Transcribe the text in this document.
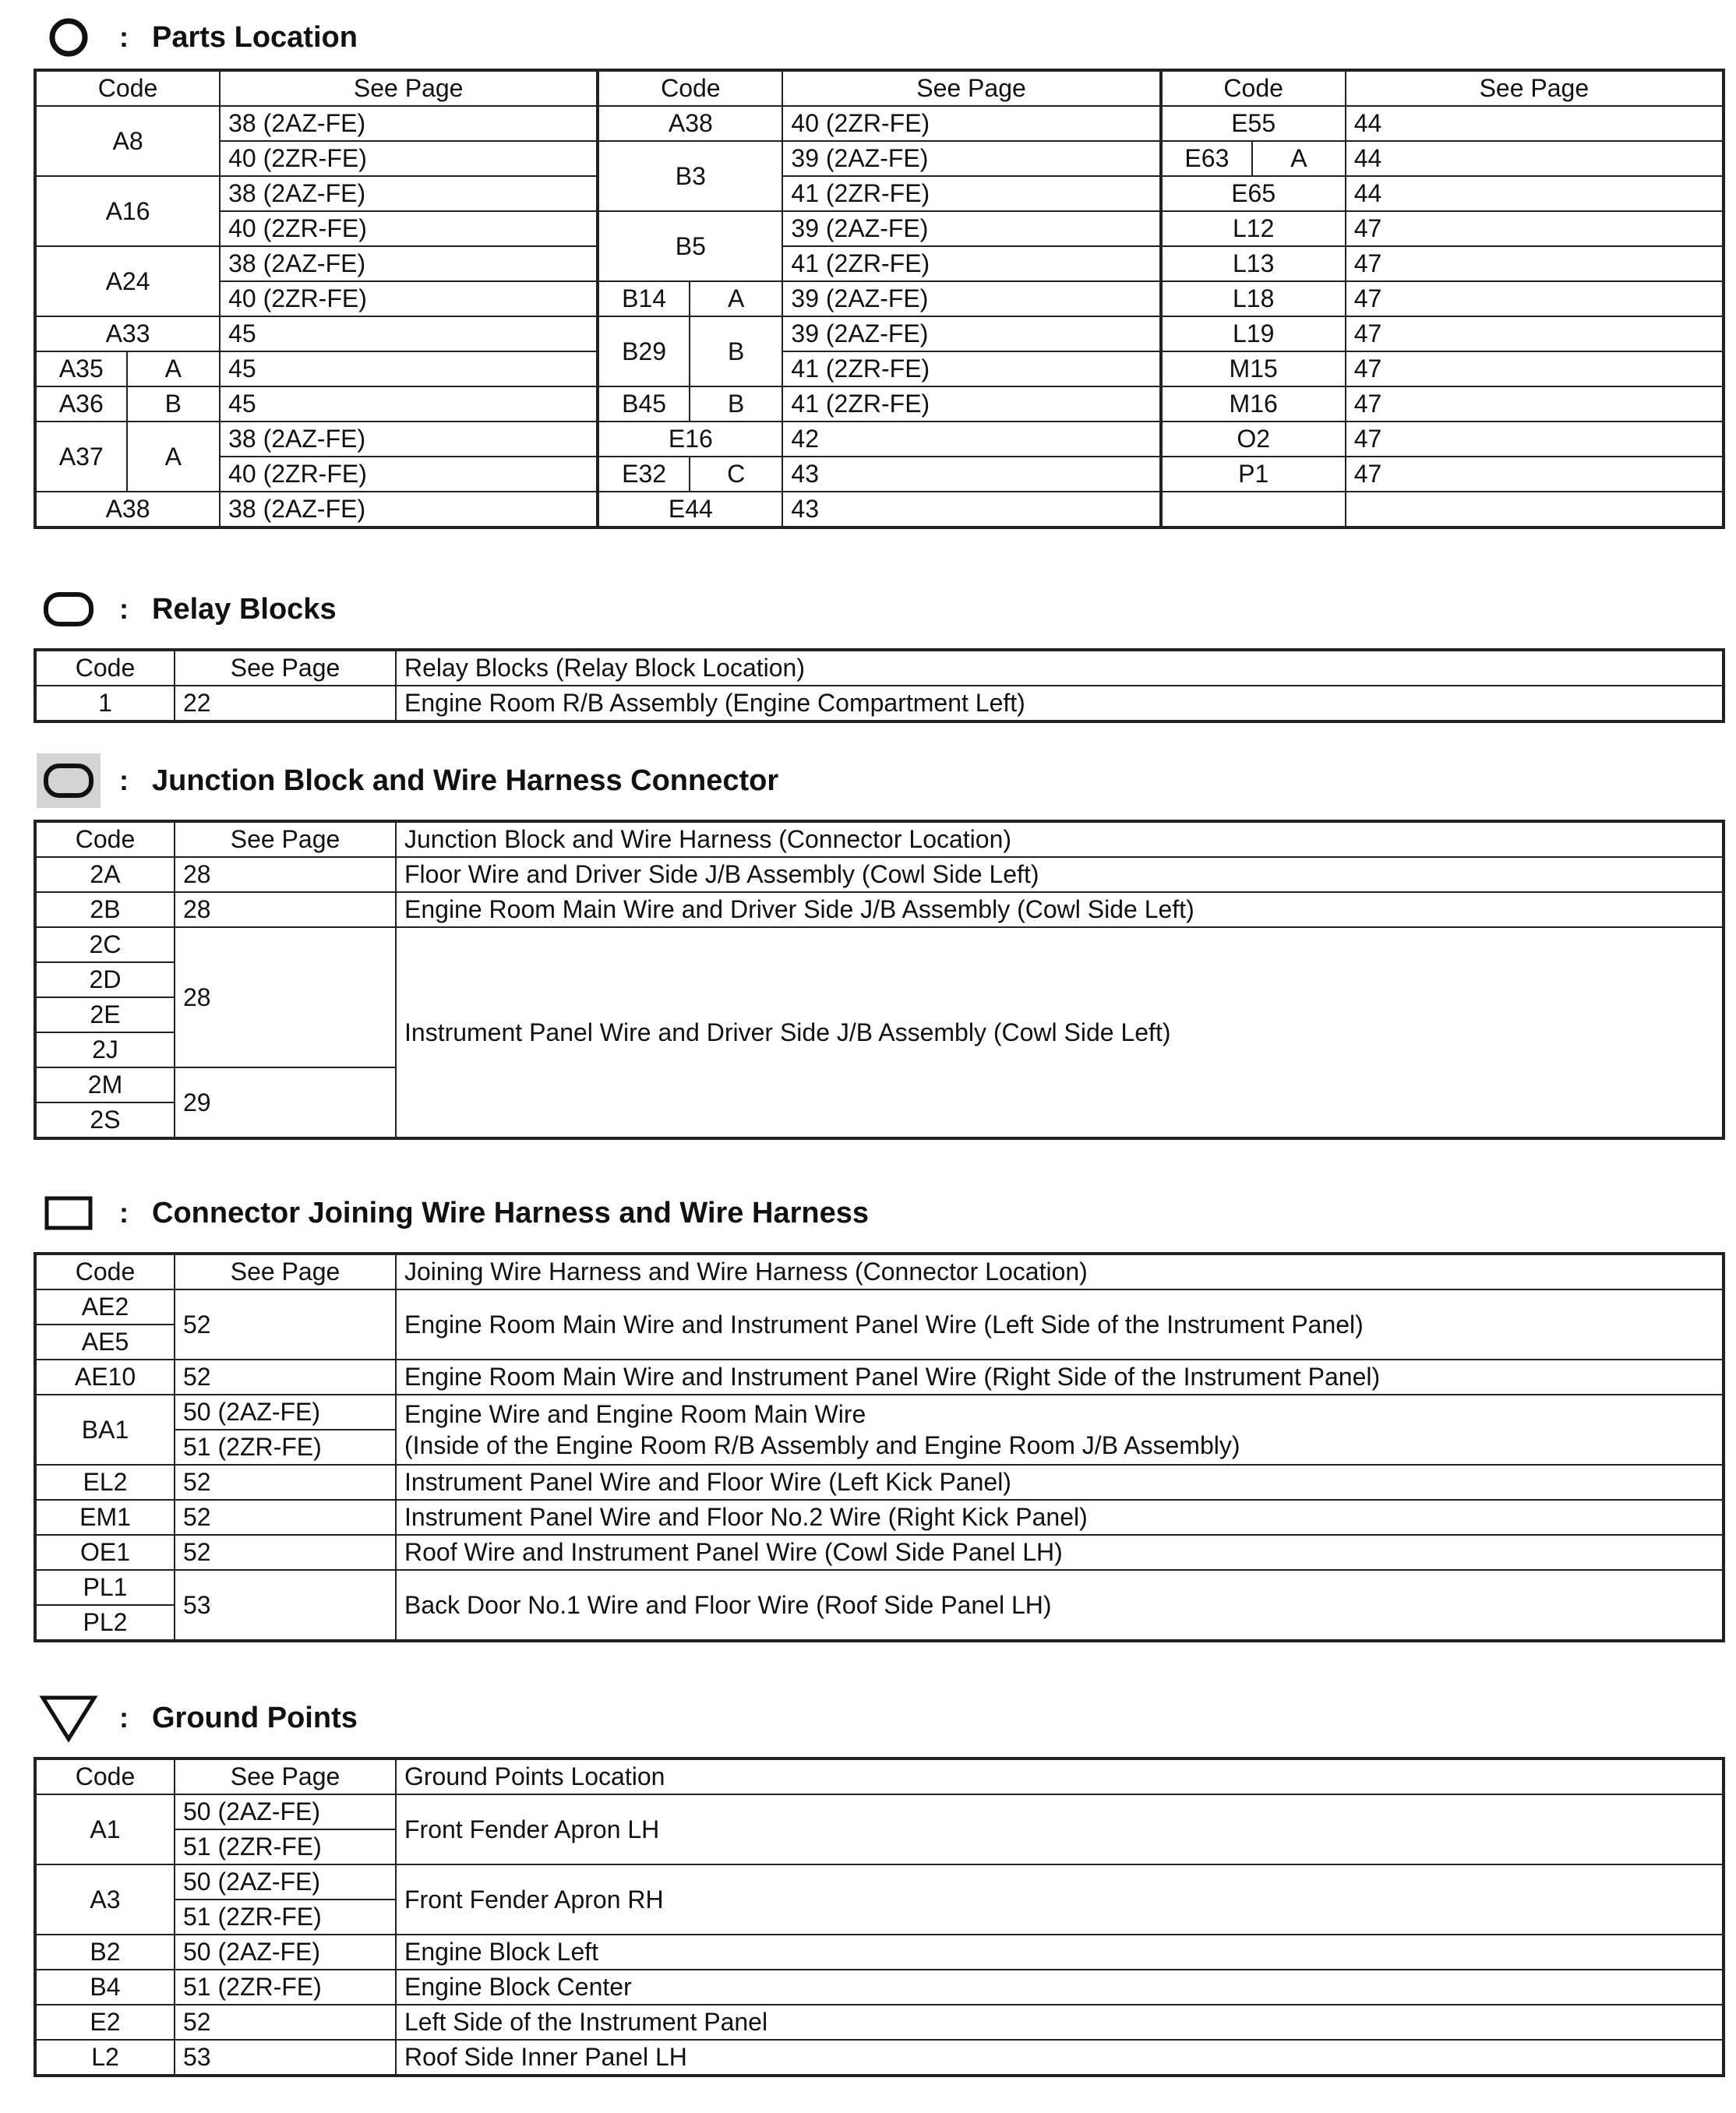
: Parts Location
Code		See Page	Code		See Page	Code		See Page
A8		38 (2AZ-FE)	A38		40 (2ZR-FE)	E55		44
		40 (2ZR-FE)	B3		39 (2AZ-FE)	E63	A	44
A16		38 (2AZ-FE)			41 (2ZR-FE)	E65		44
		40 (2ZR-FE)	B5		39 (2AZ-FE)	L12		47
A24		38 (2AZ-FE)			41 (2ZR-FE)	L13		47
		40 (2ZR-FE)	B14	A	39 (2AZ-FE)	L18		47
A33		45	B29	B	39 (2AZ-FE)	L19		47
A35	A	45			41 (2ZR-FE)	M15		47
A36	B	45	B45	B	41 (2ZR-FE)	M16		47
A37	A	38 (2AZ-FE)	E16		42	O2		47
		40 (2ZR-FE)	E32	C	43	P1		47
A38		38 (2AZ-FE)	E44		43			
: Relay Blocks
Code	See Page	Relay Blocks (Relay Block Location)
1	22	Engine Room R/B Assembly (Engine Compartment Left)
: Junction Block and Wire Harness Connector
Code	See Page	Junction Block and Wire Harness (Connector Location)
2A	28	Floor Wire and Driver Side J/B Assembly (Cowl Side Left)
2B	28	Engine Room Main Wire and Driver Side J/B Assembly (Cowl Side Left)
2C	28	Instrument Panel Wire and Driver Side J/B Assembly (Cowl Side Left)
2D		
2E		
2J		
2M	29	
2S		
: Connector Joining Wire Harness and Wire Harness
Code	See Page	Joining Wire Harness and Wire Harness (Connector Location)
AE2	52	Engine Room Main Wire and Instrument Panel Wire (Left Side of the Instrument Panel)
AE5		
AE10	52	Engine Room Main Wire and Instrument Panel Wire (Right Side of the Instrument Panel)
BA1	50 (2AZ-FE)	Engine Wire and Engine Room Main Wire
(Inside of the Engine Room R/B Assembly and Engine Room J/B Assembly)

	51 (2ZR-FE)	
EL2	52	Instrument Panel Wire and Floor Wire (Left Kick Panel)
EM1	52	Instrument Panel Wire and Floor No.2 Wire (Right Kick Panel)
OE1	52	Roof Wire and Instrument Panel Wire (Cowl Side Panel LH)
PL1	53	Back Door No.1 Wire and Floor Wire (Roof Side Panel LH)
PL2		
: Ground Points
Code	See Page	Ground Points Location
A1	50 (2AZ-FE)	Front Fender Apron LH
	51 (2ZR-FE)	
A3	50 (2AZ-FE)	Front Fender Apron RH
	51 (2ZR-FE)	
B2	50 (2AZ-FE)	Engine Block Left
B4	51 (2ZR-FE)	Engine Block Center
E2	52	Left Side of the Instrument Panel
L2	53	Roof Side Inner Panel LH
